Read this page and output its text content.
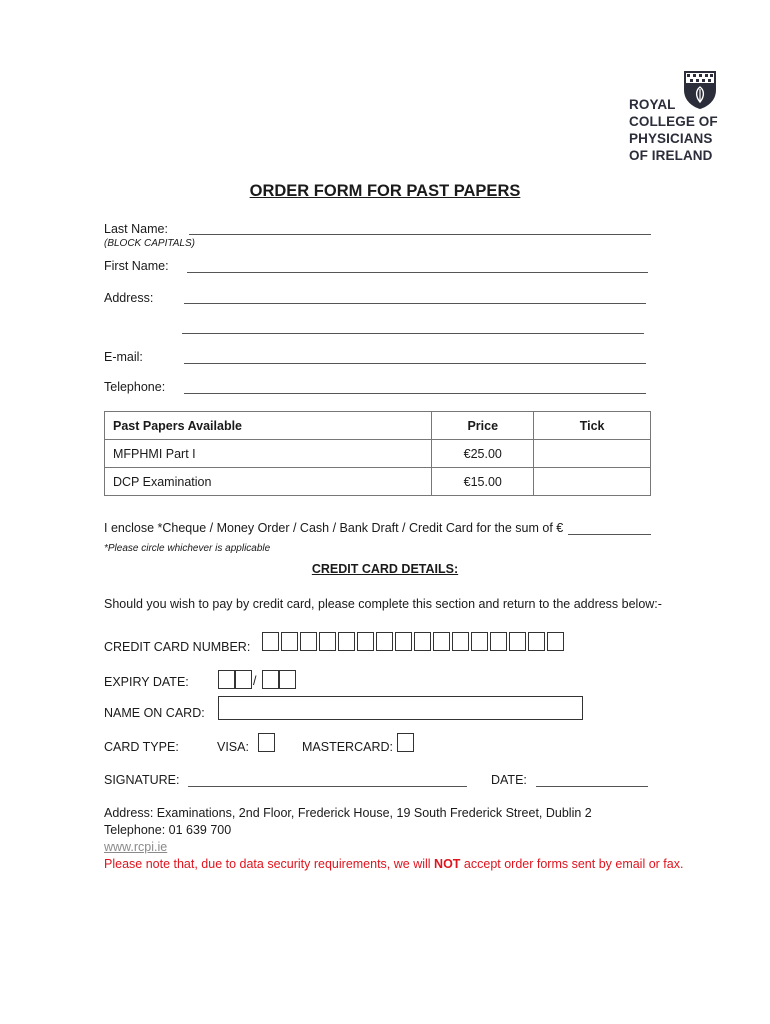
ROYAL
COLLEGE OF
PHYSICIANS
OF IRELAND
ORDER FORM FOR PAST PAPERS
Last Name:
(BLOCK CAPITALS)
First Name:
Address:
E-mail:
Telephone:
Past Papers Available	Price	Tick
MFPHMI Part I	€25.00	
DCP Examination	€15.00	
I enclose *Cheque / Money Order / Cash / Bank Draft / Credit Card for the sum of €
*Please circle whichever is applicable
CREDIT CARD DETAILS:
Should you wish to pay by credit card, please complete this section and return to the address below:-
CREDIT CARD NUMBER:
EXPIRY DATE:	/
NAME ON CARD:
CARD TYPE:	VISA:	MASTERCARD:
SIGNATURE:	DATE:
Address: Examinations, 2nd Floor, Frederick House, 19 South Frederick Street, Dublin 2
Telephone: 01 639 700
www.rcpi.ie
Please note that, due to data security requirements, we will NOT accept order forms sent by email or fax.
